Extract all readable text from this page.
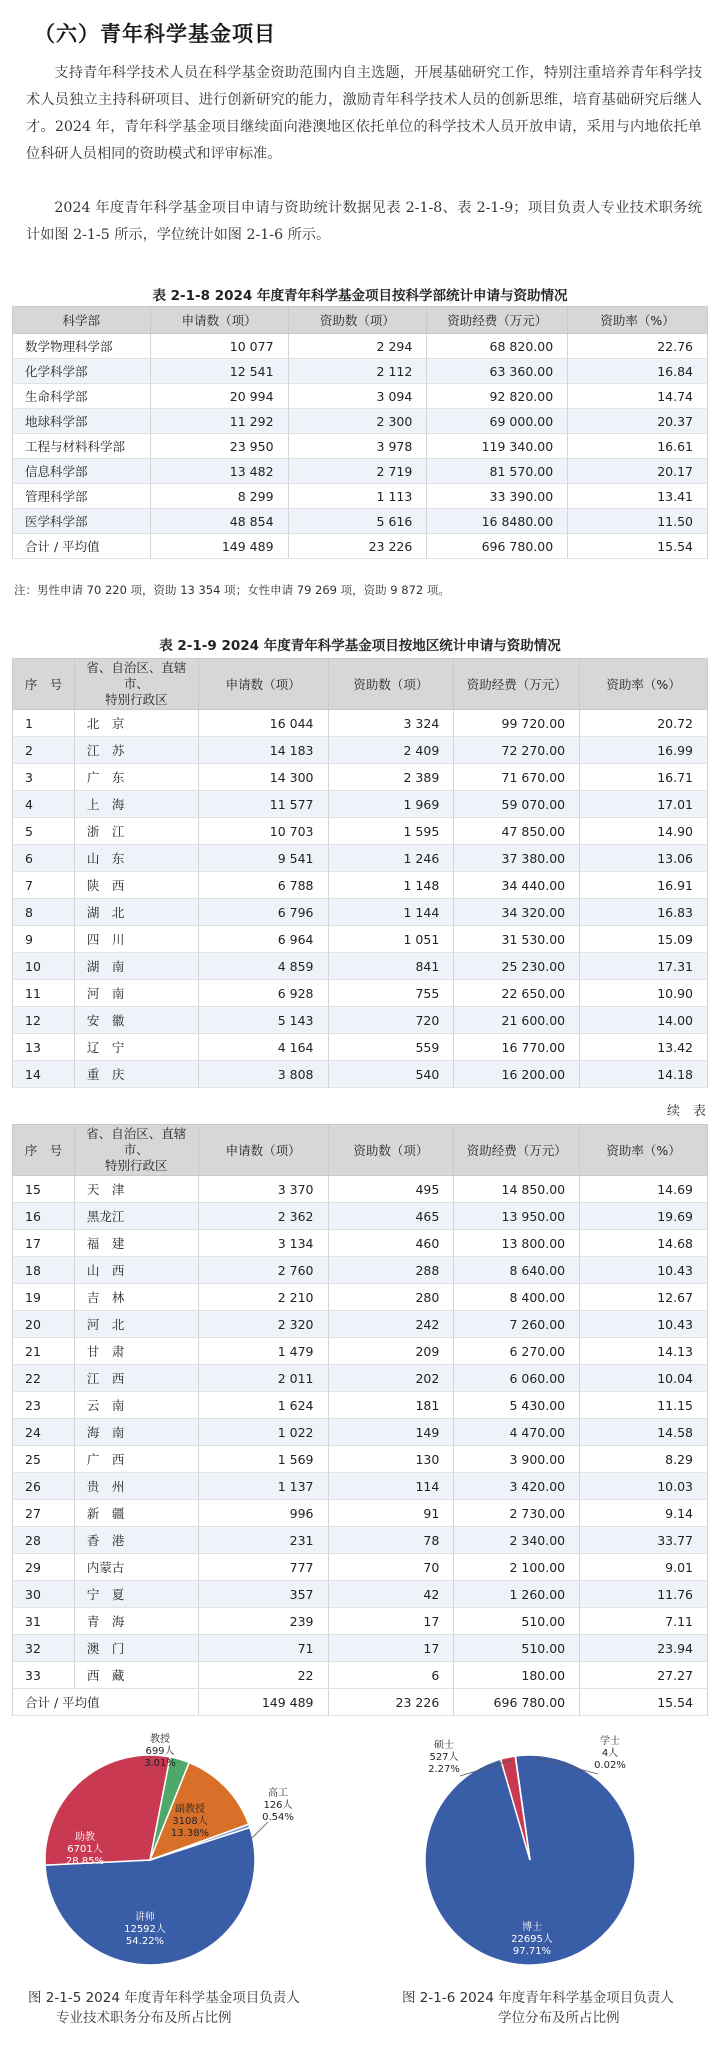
（六）青年科学基金项目
支持青年科学技术人员在科学基金资助范围内自主选题，开展基础研究工作，特别注重培养青年科学技术人员独立主持科研项目、进行创新研究的能力，激励青年科学技术人员的创新思维，培育基础研究后继人才。2024 年，青年科学基金项目继续面向港澳地区依托单位的科学技术人员开放申请，采用与内地依托单位科研人员相同的资助模式和评审标准。
2024 年度青年科学基金项目申请与资助统计数据见表 2-1-8、表 2-1-9；项目负责人专业技术职务统计如图 2-1-5 所示，学位统计如图 2-1-6 所示。
表 2-1-8 2024 年度青年科学基金项目按科学部统计申请与资助情况
科学部	申请数（项）	资助数（项）	资助经费（万元）	资助率（%）
数学物理科学部	10 077	2 294	68 820.00	22.76
化学科学部	12 541	2 112	63 360.00	16.84
生命科学部	20 994	3 094	92 820.00	14.74
地球科学部	11 292	2 300	69 000.00	20.37
工程与材料科学部	23 950	3 978	119 340.00	16.61
信息科学部	13 482	2 719	81 570.00	20.17
管理科学部	8 299	1 113	33 390.00	13.41
医学科学部	48 854	5 616	16 8480.00	11.50
合计 / 平均值	149 489	23 226	696 780.00	15.54
注：男性申请 70 220 项，资助 13 354 项；女性申请 79 269 项，资助 9 872 项。
表 2-1-9 2024 年度青年科学基金项目按地区统计申请与资助情况
序　号	省、自治区、直辖市、
特别行政区	申请数（项）	资助数（项）	资助经费（万元）	资助率（%）
1	北　京	16 044	3 324	99 720.00	20.72
2	江　苏	14 183	2 409	72 270.00	16.99
3	广　东	14 300	2 389	71 670.00	16.71
4	上　海	11 577	1 969	59 070.00	17.01
5	浙　江	10 703	1 595	47 850.00	14.90
6	山　东	9 541	1 246	37 380.00	13.06
7	陕　西	6 788	1 148	34 440.00	16.91
8	湖　北	6 796	1 144	34 320.00	16.83
9	四　川	6 964	1 051	31 530.00	15.09
10	湖　南	4 859	841	25 230.00	17.31
11	河　南	6 928	755	22 650.00	10.90
12	安　徽	5 143	720	21 600.00	14.00
13	辽　宁	4 164	559	16 770.00	13.42
14	重　庆	3 808	540	16 200.00	14.18
续　表
序　号	省、自治区、直辖市、
特别行政区	申请数（项）	资助数（项）	资助经费（万元）	资助率（%）
15	天　津	3 370	495	14 850.00	14.69
16	黑龙江	2 362	465	13 950.00	19.69
17	福　建	3 134	460	13 800.00	14.68
18	山　西	2 760	288	8 640.00	10.43
19	吉　林	2 210	280	8 400.00	12.67
20	河　北	2 320	242	7 260.00	10.43
21	甘　肃	1 479	209	6 270.00	14.13
22	江　西	2 011	202	6 060.00	10.04
23	云　南	1 624	181	5 430.00	11.15
24	海　南	1 022	149	4 470.00	14.58
25	广　西	1 569	130	3 900.00	8.29
26	贵　州	1 137	114	3 420.00	10.03
27	新　疆	996	91	2 730.00	9.14
28	香　港	231	78	2 340.00	33.77
29	内蒙古	777	70	2 100.00	9.01
30	宁　夏	357	42	1 260.00	11.76
31	青　海	239	17	510.00	7.11
32	澳　门	71	17	510.00	23.94
33	西　藏	22	6	180.00	27.27
合计 / 平均值		149 489	23 226	696 780.00	15.54
讲师
12592人
54.22%
助教
6701人
28.85%
教授
699人
3.01%
副教授
3108人
13.38%
高工
126人
0.54%
博士
22695人
97.71%
硕士
527人
2.27%
学士
4人
0.02%
图 2-1-5 2024 年度青年科学基金项目负责人
专业技术职务分布及所占比例
图 2-1-6 2024 年度青年科学基金项目负责人
学位分布及所占比例
